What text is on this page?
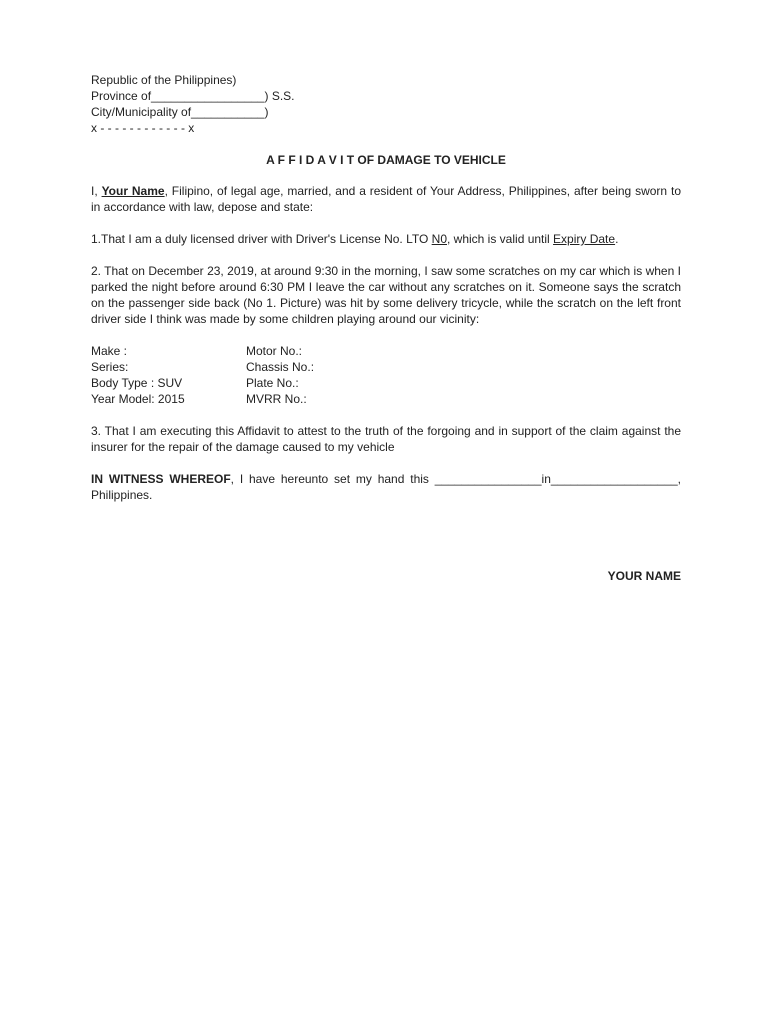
Republic of the Philippines)
Province of_________________) S.S.
City/Municipality of___________)
x - - - - - - - - - - - - x
A F F I D A V I T OF DAMAGE TO VEHICLE
I, Your Name, Filipino, of legal age, married, and a resident of Your Address, Philippines, after being sworn to in accordance with law, depose and state:
1.That I am a duly licensed driver with Driver's License No. LTO N0, which is valid until Expiry Date.
2. That on December 23, 2019, at around 9:30 in the morning, I saw some scratches on my car which is when I parked the night before around 6:30 PM I leave the car without any scratches on it. Someone says the scratch on the passenger side back (No 1. Picture) was hit by some delivery tricycle, while the scratch on the left front driver side I think was made by some children playing around our vicinity:
Make :	Motor No.:
Series:	Chassis No.:
Body Type : SUV	Plate No.:
Year Model: 2015	MVRR No.:
3. That I am executing this Affidavit to attest to the truth of the forgoing and in support of the claim against the insurer for the repair of the damage caused to my vehicle
IN WITNESS WHEREOF, I have hereunto set my hand this ________________in___________________, Philippines.
YOUR NAME
